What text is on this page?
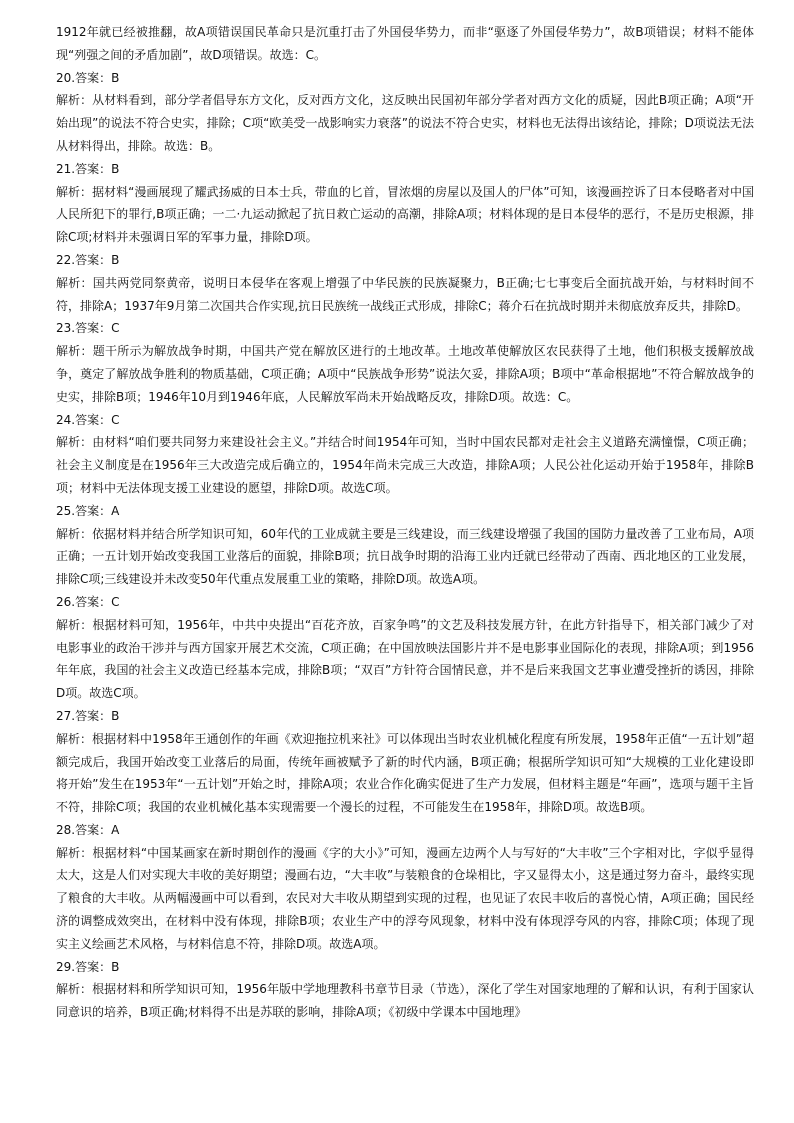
1912年就已经被推翻，故A项错误国民革命只是沉重打击了外国侵华势力，而非“驱逐了外国侵华势力”，故B项错误；材料不能体现“列强之间的矛盾加剧”，故D项错误。故选：C。

20.答案：B

解析：从材料看到，部分学者倡导东方文化，反对西方文化，这反映出民国初年部分学者对西方文化的质疑，因此B项正确；A项“开始出现”的说法不符合史实，排除；C项“欧美受一战影响实力衰落”的说法不符合史实，材料也无法得出该结论，排除；D项说法无法从材料得出，排除。故选：B。

21.答案：B

解析：据材料“漫画展现了耀武扬威的日本士兵，带血的匕首，冒浓烟的房屋以及国人的尸体”可知，该漫画控诉了日本侵略者对中国人民所犯下的罪行,B项正确；一二·九运动掀起了抗日救亡运动的高潮，排除A项；材料体现的是日本侵华的恶行，不是历史根源，排除C项;材料并未强调日军的军事力量，排除D项。

22.答案：B

解析：国共两党同祭黄帝，说明日本侵华在客观上增强了中华民族的民族凝聚力，B正确;七七事变后全面抗战开始，与材料时间不符，排除A；1937年9月第二次国共合作实现,抗日民族统一战线正式形成，排除C；蒋介石在抗战时期并未彻底放弃反共，排除D。

23.答案：C

解析：题干所示为解放战争时期，中国共产党在解放区进行的土地改革。土地改革使解放区农民获得了土地，他们积极支援解放战争，奠定了解放战争胜利的物质基础，C项正确；A项中“民族战争形势”说法欠妥，排除A项；B项中“革命根据地”不符合解放战争的史实，排除B项；1946年10月到1946年底，人民解放军尚未开始战略反攻，排除D项。故选：C。

24.答案：C

解析：由材料“咱们要共同努力来建设社会主义。”并结合时间1954年可知，当时中国农民都对走社会主义道路充满憧憬，C项正确；社会主义制度是在1956年三大改造完成后确立的，1954年尚未完成三大改造，排除A项；人民公社化运动开始于1958年，排除B项；材料中无法体现支援工业建设的愿望，排除D项。故选C项。

25.答案：A

解析：依据材料并结合所学知识可知，60年代的工业成就主要是三线建设，而三线建设增强了我国的国防力量改善了工业布局，A项正确；一五计划开始改变我国工业落后的面貌，排除B项；抗日战争时期的沿海工业内迁就已经带动了西南、西北地区的工业发展，排除C项;三线建设并未改变50年代重点发展重工业的策略，排除D项。故选A项。

26.答案：C

解析：根据材料可知，1956年，中共中央提出“百花齐放，百家争鸣”的文艺及科技发展方针，在此方针指导下，相关部门减少了对电影事业的政治干涉并与西方国家开展艺术交流，C项正确；在中国放映法国影片并不是电影事业国际化的表现，排除A项；到1956年年底，我国的社会主义改造已经基本完成，排除B项；“双百”方针符合国情民意，并不是后来我国文艺事业遭受挫折的诱因，排除D项。故选C项。

27.答案：B

解析：根据材料中1958年王通创作的年画《欢迎拖拉机来社》可以体现出当时农业机械化程度有所发展，1958年正值“一五计划”超额完成后，我国开始改变工业落后的局面，传统年画被赋予了新的时代内涵，B项正确；根据所学知识可知“大规模的工业化建设即将开始”发生在1953年“一五计划”开始之时，排除A项；农业合作化确实促进了生产力发展，但材料主题是“年画”，选项与题干主旨不符，排除C项；我国的农业机械化基本实现需要一个漫长的过程，不可能发生在1958年，排除D项。故选B项。

28.答案：A

解析：根据材料“中国某画家在新时期创作的漫画《字的大小》”可知，漫画左边两个人与写好的“大丰收”三个字相对比，字似乎显得太大，这是人们对实现大丰收的美好期望；漫画右边，“大丰收”与装粮食的仓垛相比，字又显得太小，这是通过努力奋斗，最终实现了粮食的大丰收。从两幅漫画中可以看到，农民对大丰收从期望到实现的过程，也见证了农民丰收后的喜悦心情，A项正确；国民经济的调整成效突出，在材料中没有体现，排除B项；农业生产中的浮夸风现象，材料中没有体现浮夸风的内容，排除C项；体现了现实主义绘画艺术风格，与材料信息不符，排除D项。故选A项。

29.答案：B

解析：根据材料和所学知识可知，1956年版中学地理教科书章节目录（节选），深化了学生对国家地理的了解和认识，有利于国家认同意识的培养，B项正确;材料得不出是苏联的影响，排除A项；《初级中学课本中国地理》
